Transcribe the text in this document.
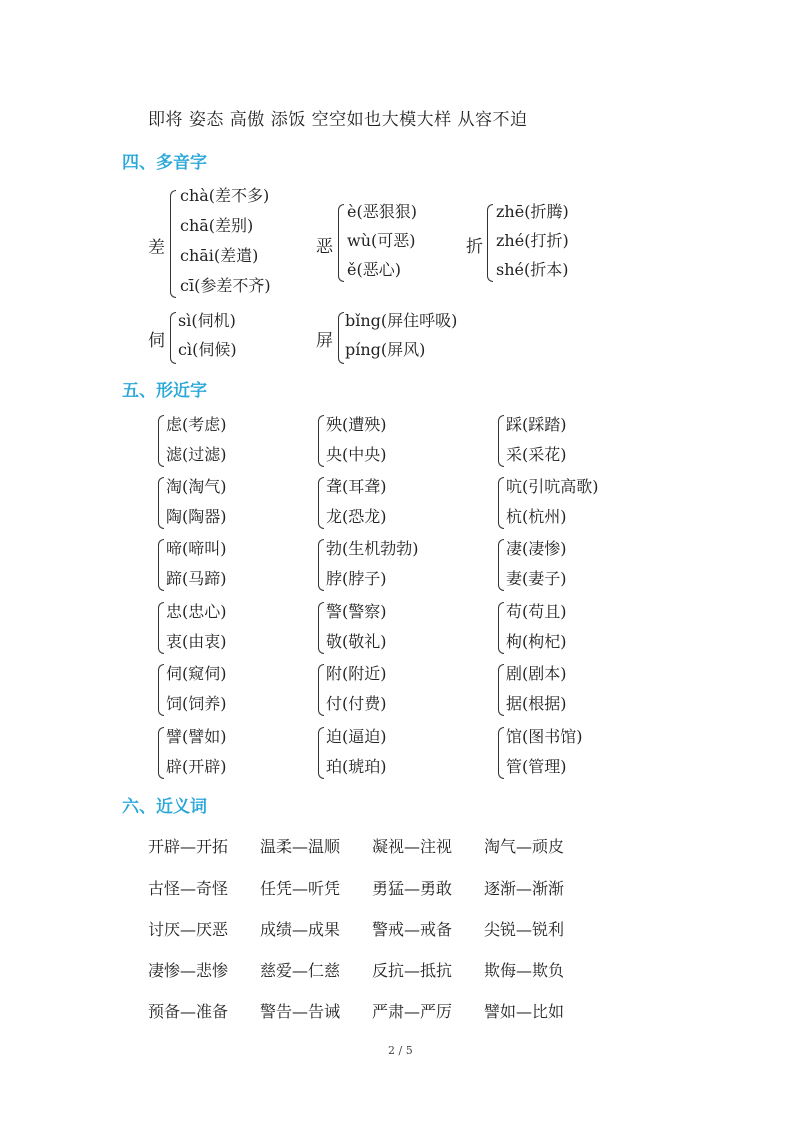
即将 姿态 高傲 添饭 空空如也大模大样 从容不迫
四、多音字
差
chà(差不多)
chā(差别)
chāi(差遣)
cī(参差不齐)
恶
è(恶狠狠)
wù(可恶)
ě(恶心)
折
zhē(折腾)
zhé(打折)
shé(折本)
伺
sì(伺机)
cì(伺候)	屏
bǐng(屏住呼吸)
píng(屏风)
五、形近字
虑(考虑)
滤(过滤)
殃(遭殃)
央(中央)
踩(踩踏)
采(采花)
淘(淘气)
陶(陶器)
聋(耳聋)
龙(恐龙)
吭(引吭高歌)
杭(杭州)
啼(啼叫)
蹄(马蹄)
勃(生机勃勃)
脖(脖子)
凄(凄惨)
妻(妻子)
忠(忠心)
衷(由衷)
警(警察)
敬(敬礼)
苟(苟且)
枸(枸杞)
伺(窥伺)
饲(饲养)
附(附近)
付(付费)
剧(剧本)
据(根据)
譬(譬如)
辟(开辟)
迫(逼迫)
珀(琥珀)
馆(图书馆)
管(管理)
六、近义词
开辟—开拓 温柔—温顺 凝视—注视 淘气—顽皮
古怪—奇怪 任凭—听凭 勇猛—勇敢 逐渐—渐渐
讨厌—厌恶 成绩—成果 警戒—戒备 尖锐—锐利
凄惨—悲惨 慈爱—仁慈 反抗—抵抗 欺侮—欺负
预备—准备 警告—告诫 严肃—严厉 譬如—比如
2 / 5
